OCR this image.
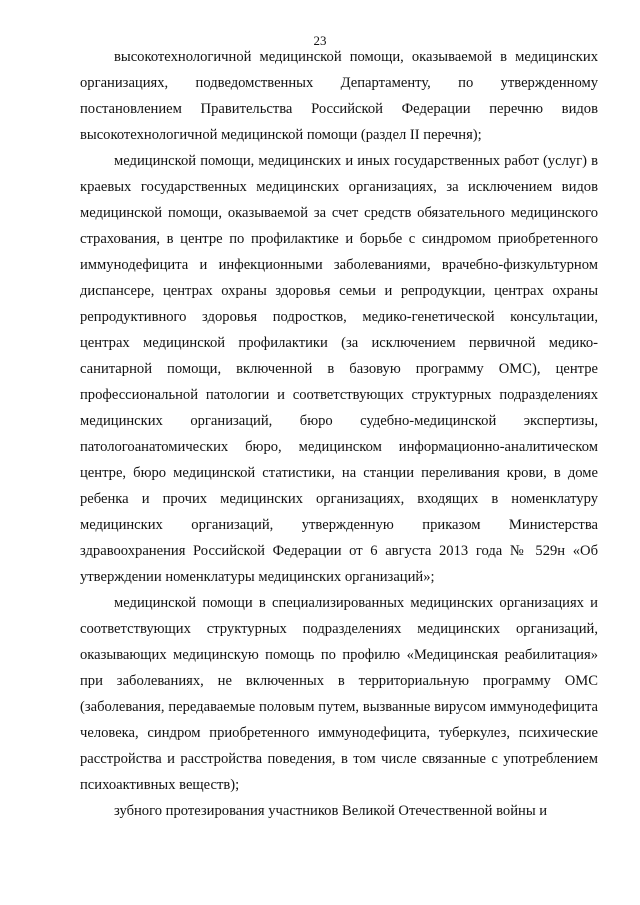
23

высокотехнологичной медицинской помощи, оказываемой в медицинских организациях, подведомственных Департаменту, по утвержденному постановлением Правительства Российской Федерации перечню видов высокотехнологичной медицинской помощи (раздел II перечня);

медицинской помощи, медицинских и иных государственных работ (услуг) в краевых государственных медицинских организациях, за исключением видов медицинской помощи, оказываемой за счет средств обязательного медицинского страхования, в центре по профилактике и борьбе с синдромом приобретенного иммунодефицита и инфекционными заболеваниями, врачебно-физкультурном диспансере, центрах охраны здоровья семьи и репродукции, центрах охраны репродуктивного здоровья подростков, медико-генетической консультации, центрах медицинской профилактики (за исключением первичной медико-санитарной помощи, включенной в базовую программу ОМС), центре профессиональной патологии и соответствующих структурных подразделениях медицинских организаций, бюро судебно-медицинской экспертизы, патологоанатомических бюро, медицинском информационно-аналитическом центре, бюро медицинской статистики, на станции переливания крови, в доме ребенка и прочих медицинских организациях, входящих в номенклатуру медицинских организаций, утвержденную приказом Министерства здравоохранения Российской Федерации от 6 августа 2013 года № 529н «Об утверждении номенклатуры медицинских организаций»;

медицинской помощи в специализированных медицинских организациях и соответствующих структурных подразделениях медицинских организаций, оказывающих медицинскую помощь по профилю «Медицинская реабилитация» при заболеваниях, не включенных в территориальную программу ОМС (заболевания, передаваемые половым путем, вызванные вирусом иммунодефицита человека, синдром приобретенного иммунодефицита, туберкулез, психические расстройства и расстройства поведения, в том числе связанные с употреблением психоактивных веществ);

зубного протезирования участников Великой Отечественной войны и
